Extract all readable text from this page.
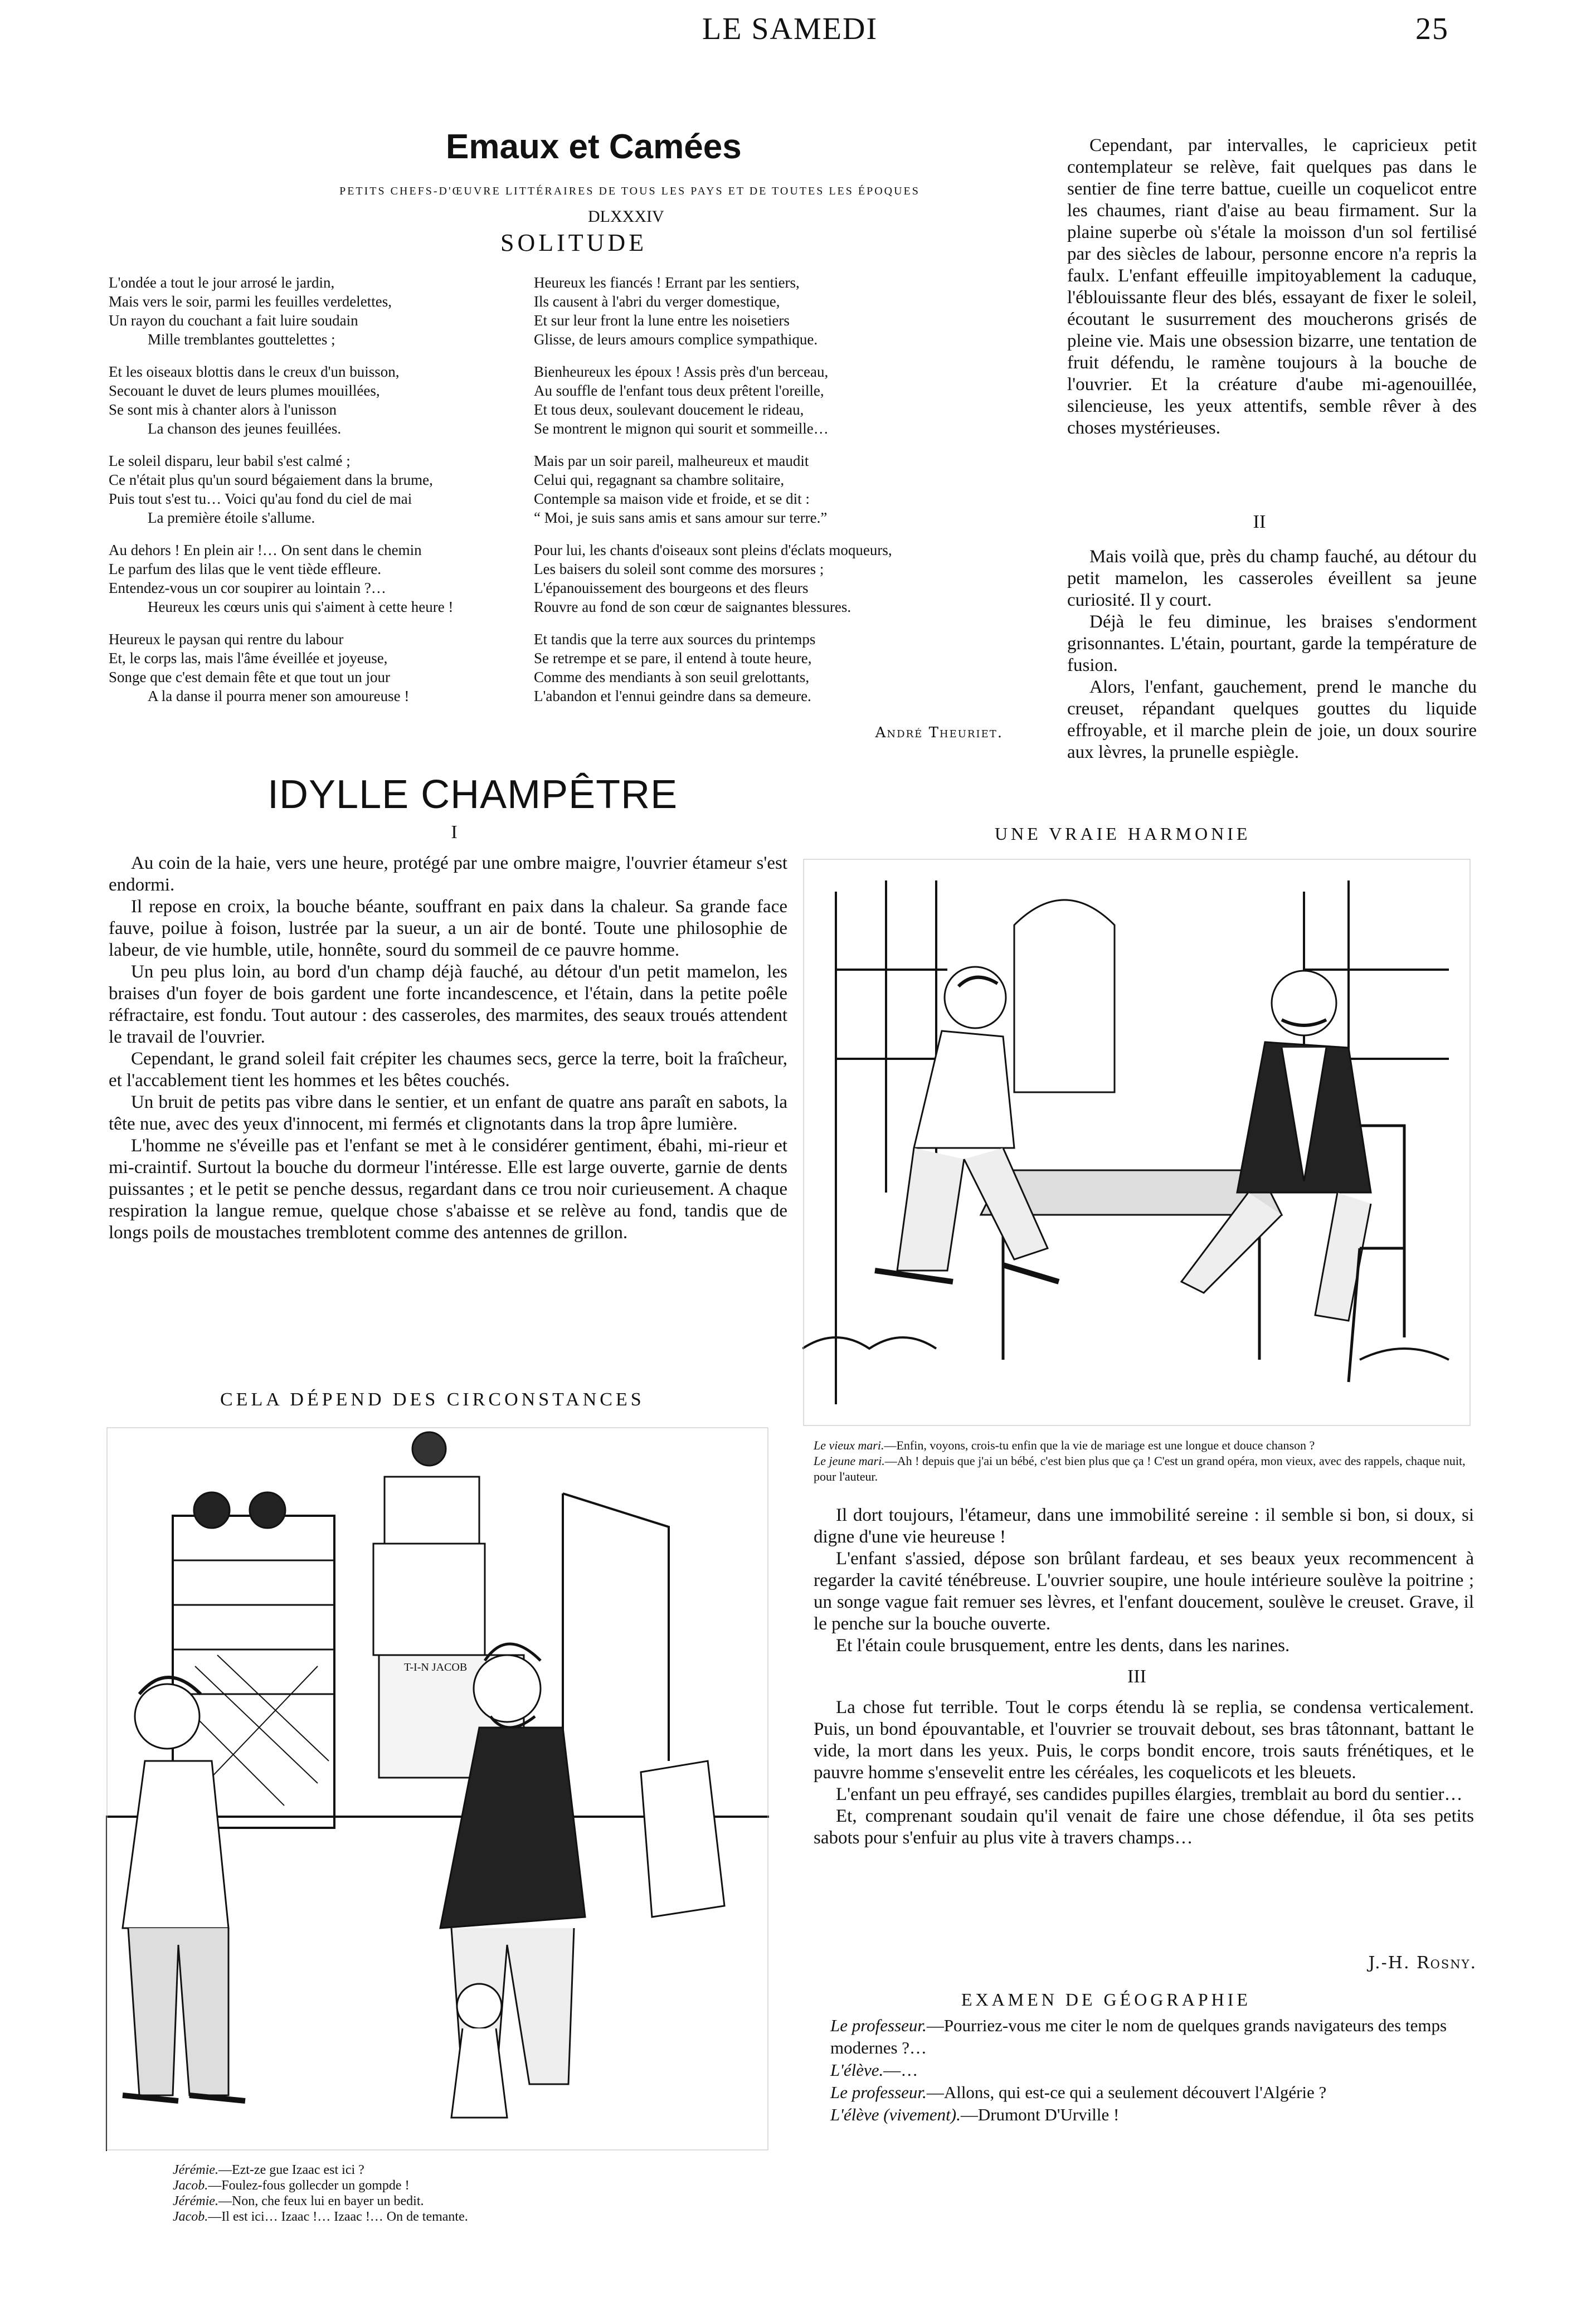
LE SAMEDI	25
Emaux et Camées
PETITS CHEFS-D'ŒUVRE LITTÉRAIRES DE TOUS LES PAYS ET DE TOUTES LES ÉPOQUES
DLXXXIV
SOLITUDE
L'ondée a tout le jour arrosé le jardin,
Mais vers le soir, parmi les feuilles verdelettes,
Un rayon du couchant a fait luire soudain
Mille tremblantes gouttelettes ;
Et les oiseaux blottis dans le creux d'un buisson,
Secouant le duvet de leurs plumes mouillées,
Se sont mis à chanter alors à l'unisson
La chanson des jeunes feuillées.
Le soleil disparu, leur babil s'est calmé ;
Ce n'était plus qu'un sourd bégaiement dans la brume,
Puis tout s'est tu… Voici qu'au fond du ciel de mai
La première étoile s'allume.
Au dehors ! En plein air !… On sent dans le chemin
Le parfum des lilas que le vent tiède effleure.
Entendez-vous un cor soupirer au lointain ?…
Heureux les cœurs unis qui s'aiment à cette heure !
Heureux le paysan qui rentre du labour
Et, le corps las, mais l'âme éveillée et joyeuse,
Songe que c'est demain fête et que tout un jour
A la danse il pourra mener son amoureuse !
Heureux les fiancés ! Errant par les sentiers,
Ils causent à l'abri du verger domestique,
Et sur leur front la lune entre les noisetiers
Glisse, de leurs amours complice sympathique.
Bienheureux les époux ! Assis près d'un berceau,
Au souffle de l'enfant tous deux prêtent l'oreille,
Et tous deux, soulevant doucement le rideau,
Se montrent le mignon qui sourit et sommeille…
Mais par un soir pareil, malheureux et maudit
Celui qui, regagnant sa chambre solitaire,
Contemple sa maison vide et froide, et se dit :
“ Moi, je suis sans amis et sans amour sur terre.”
Pour lui, les chants d'oiseaux sont pleins d'éclats moqueurs,
Les baisers du soleil sont comme des morsures ;
L'épanouissement des bourgeons et des fleurs
Rouvre au fond de son cœur de saignantes blessures.
Et tandis que la terre aux sources du printemps
Se retrempe et se pare, il entend à toute heure,
Comme des mendiants à son seuil grelottants,
L'abandon et l'ennui geindre dans sa demeure.
André Theuriet.

Cependant, par intervalles, le capricieux petit contemplateur se relève, fait quelques pas dans le sentier de fine terre battue, cueille un coquelicot entre les chaumes, riant d'aise au beau firmament. Sur la plaine superbe où s'étale la moisson d'un sol fertilisé par des siècles de labour, personne encore n'a repris la faulx. L'enfant effeuille impitoyablement la caduque, l'éblouissante fleur des blés, essayant de fixer le soleil, écoutant le susurrement des moucherons grisés de pleine vie. Mais une obsession bizarre, une tentation de fruit défendu, le ramène toujours à la bouche de l'ouvrier. Et la créature d'aube mi-agenouillée, silencieuse, les yeux attentifs, semble rêver à des choses mystérieuses.

II

Mais voilà que, près du champ fauché, au détour du petit mamelon, les casseroles éveillent sa jeune curiosité. Il y court.

Déjà le feu diminue, les braises s'endorment grisonnantes. L'étain, pourtant, garde la température de fusion.

Alors, l'enfant, gauchement, prend le manche du creuset, répandant quelques gouttes du liquide effroyable, et il marche plein de joie, un doux sourire aux lèvres, la prunelle espiègle.

IDYLLE CHAMPÊTRE
I

Au coin de la haie, vers une heure, protégé par une ombre maigre, l'ouvrier étameur s'est endormi.

Il repose en croix, la bouche béante, souffrant en paix dans la chaleur. Sa grande face fauve, poilue à foison, lustrée par la sueur, a un air de bonté. Toute une philosophie de labeur, de vie humble, utile, honnête, sourd du sommeil de ce pauvre homme.

Un peu plus loin, au bord d'un champ déjà fauché, au détour d'un petit mamelon, les braises d'un foyer de bois gardent une forte incandescence, et l'étain, dans la petite poêle réfractaire, est fondu. Tout autour : des casseroles, des marmites, des seaux troués attendent le travail de l'ouvrier.

Cependant, le grand soleil fait crépiter les chaumes secs, gerce la terre, boit la fraîcheur, et l'accablement tient les hommes et les bêtes couchés.

Un bruit de petits pas vibre dans le sentier, et un enfant de quatre ans paraît en sabots, la tête nue, avec des yeux d'innocent, mi fermés et clignotants dans la trop âpre lumière.

L'homme ne s'éveille pas et l'enfant se met à le considérer gentiment, ébahi, mi-rieur et mi-craintif. Surtout la bouche du dormeur l'intéresse. Elle est large ouverte, garnie de dents puissantes ; et le petit se penche dessus, regardant dans ce trou noir curieusement. A chaque respiration la langue remue, quelque chose s'abaisse et se relève au fond, tandis que de longs poils de moustaches tremblotent comme des antennes de grillon.

UNE VRAIE HARMONIE
Le vieux mari.—Enfin, voyons, crois-tu enfin que la vie de mariage est une longue et douce chanson ?
Le jeune mari.—Ah ! depuis que j'ai un bébé, c'est bien plus que ça ! C'est un grand opéra, mon vieux, avec des rappels, chaque nuit, pour l'auteur.

Il dort toujours, l'étameur, dans une immobilité sereine : il semble si bon, si doux, si digne d'une vie heureuse !

L'enfant s'assied, dépose son brûlant fardeau, et ses beaux yeux recommencent à regarder la cavité ténébreuse. L'ouvrier soupire, une houle intérieure soulève la poitrine ; un songe vague fait remuer ses lèvres, et l'enfant doucement, soulève le creuset. Grave, il le penche sur la bouche ouverte.

Et l'étain coule brusquement, entre les dents, dans les narines.

III

La chose fut terrible. Tout le corps étendu là se replia, se condensa verticalement. Puis, un bond épouvantable, et l'ouvrier se trouvait debout, ses bras tâtonnant, battant le vide, la mort dans les yeux. Puis, le corps bondit encore, trois sauts frénétiques, et le pauvre homme s'ensevelit entre les céréales, les coquelicots et les bleuets.

L'enfant un peu effrayé, ses candides pupilles élargies, tremblait au bord du sentier…

Et, comprenant soudain qu'il venait de faire une chose défendue, il ôta ses petits sabots pour s'enfuir au plus vite à travers champs…

J.-H. Rosny.
EXAMEN DE GÉOGRAPHIE
Le professeur.—Pourriez-vous me citer le nom de quelques grands navigateurs des temps modernes ?…
L'élève.—…
Le professeur.—Allons, qui est-ce qui a seulement découvert l'Algérie ?
L'élève (vivement).—Drumont D'Urville !
CELA DÉPEND DES CIRCONSTANCES
T-I-N JACOB
Jérémie.—Ezt-ze gue Izaac est ici ?
Jacob.—Foulez-fous gollecder un gompde !
Jérémie.—Non, che feux lui en bayer un bedit.
Jacob.—Il est ici… Izaac !… Izaac !… On de temante.
